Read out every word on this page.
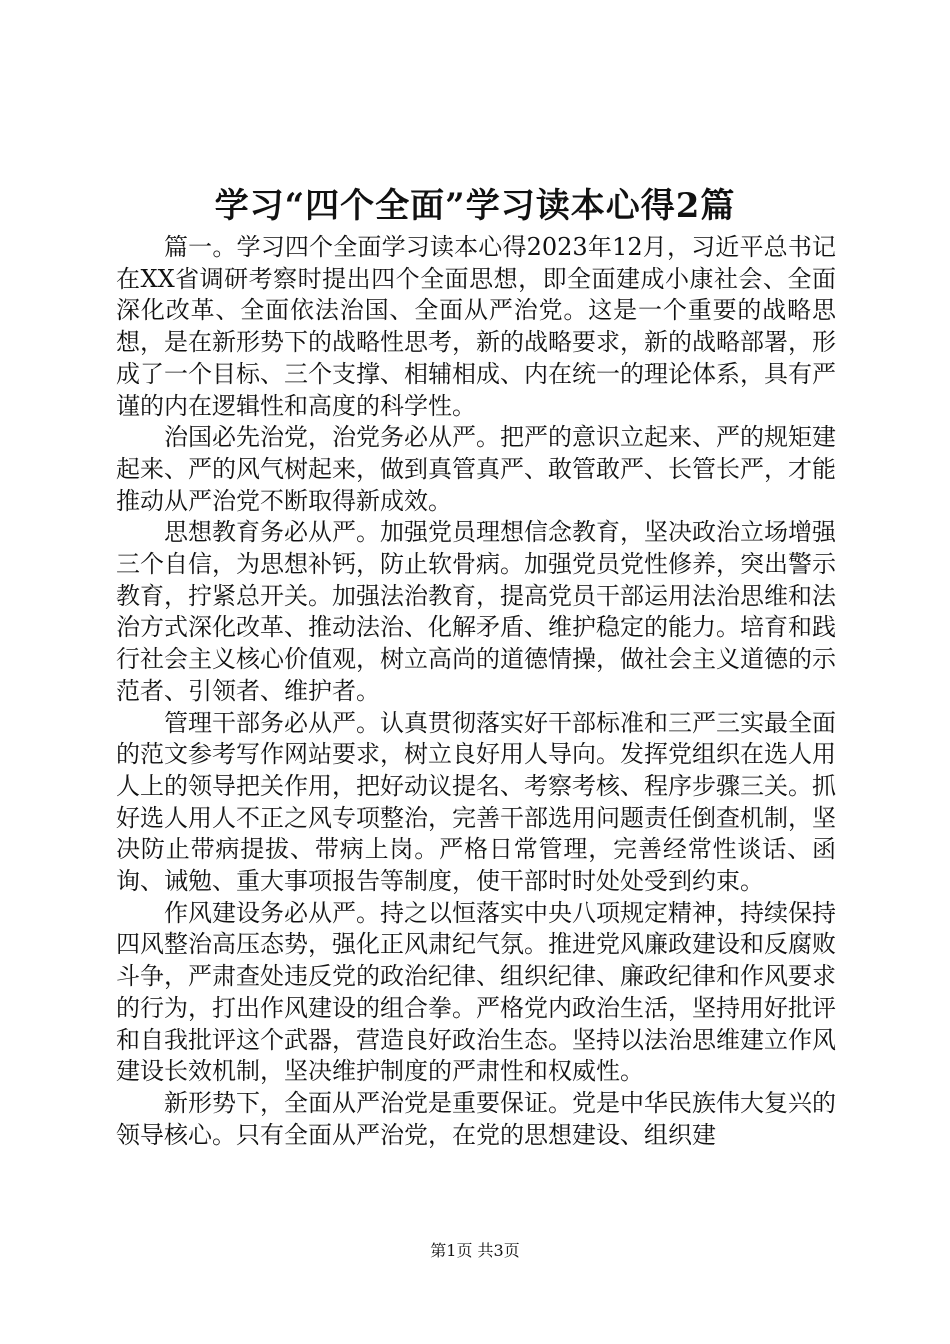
学习“四个全面”学习读本心得2篇

篇一。学习四个全面学习读本心得2023年12月，习近平总书记在XX省调研考察时提出四个全面思想，即全面建成小康社会、全面深化改革、全面依法治国、全面从严治党。这是一个重要的战略思想，是在新形势下的战略性思考，新的战略要求，新的战略部署，形成了一个目标、三个支撑、相辅相成、内在统一的理论体系，具有严谨的内在逻辑性和高度的科学性。

治国必先治党，治党务必从严。把严的意识立起来、严的规矩建起来、严的风气树起来，做到真管真严、敢管敢严、长管长严，才能推动从严治党不断取得新成效。

思想教育务必从严。加强党员理想信念教育，坚决政治立场增强三个自信，为思想补钙，防止软骨病。加强党员党性修养，突出警示教育，拧紧总开关。加强法治教育，提高党员干部运用法治思维和法治方式深化改革、推动法治、化解矛盾、维护稳定的能力。培育和践行社会主义核心价值观，树立高尚的道德情操，做社会主义道德的示范者、引领者、维护者。

管理干部务必从严。认真贯彻落实好干部标准和三严三实最全面的范文参考写作网站要求，树立良好用人导向。发挥党组织在选人用人上的领导把关作用，把好动议提名、考察考核、程序步骤三关。抓好选人用人不正之风专项整治，完善干部选用问题责任倒查机制，坚决防止带病提拔、带病上岗。严格日常管理，完善经常性谈话、函询、诫勉、重大事项报告等制度，使干部时时处处受到约束。

作风建设务必从严。持之以恒落实中央八项规定精神，持续保持四风整治高压态势，强化正风肃纪气氛。推进党风廉政建设和反腐败斗争，严肃查处违反党的政治纪律、组织纪律、廉政纪律和作风要求的行为，打出作风建设的组合拳。严格党内政治生活，坚持用好批评和自我批评这个武器，营造良好政治生态。坚持以法治思维建立作风建设长效机制，坚决维护制度的严肃性和权威性。

新形势下，全面从严治党是重要保证。党是中华民族伟大复兴的领导核心。只有全面从严治党，在党的思想建设、组织建

第1页 共3页
